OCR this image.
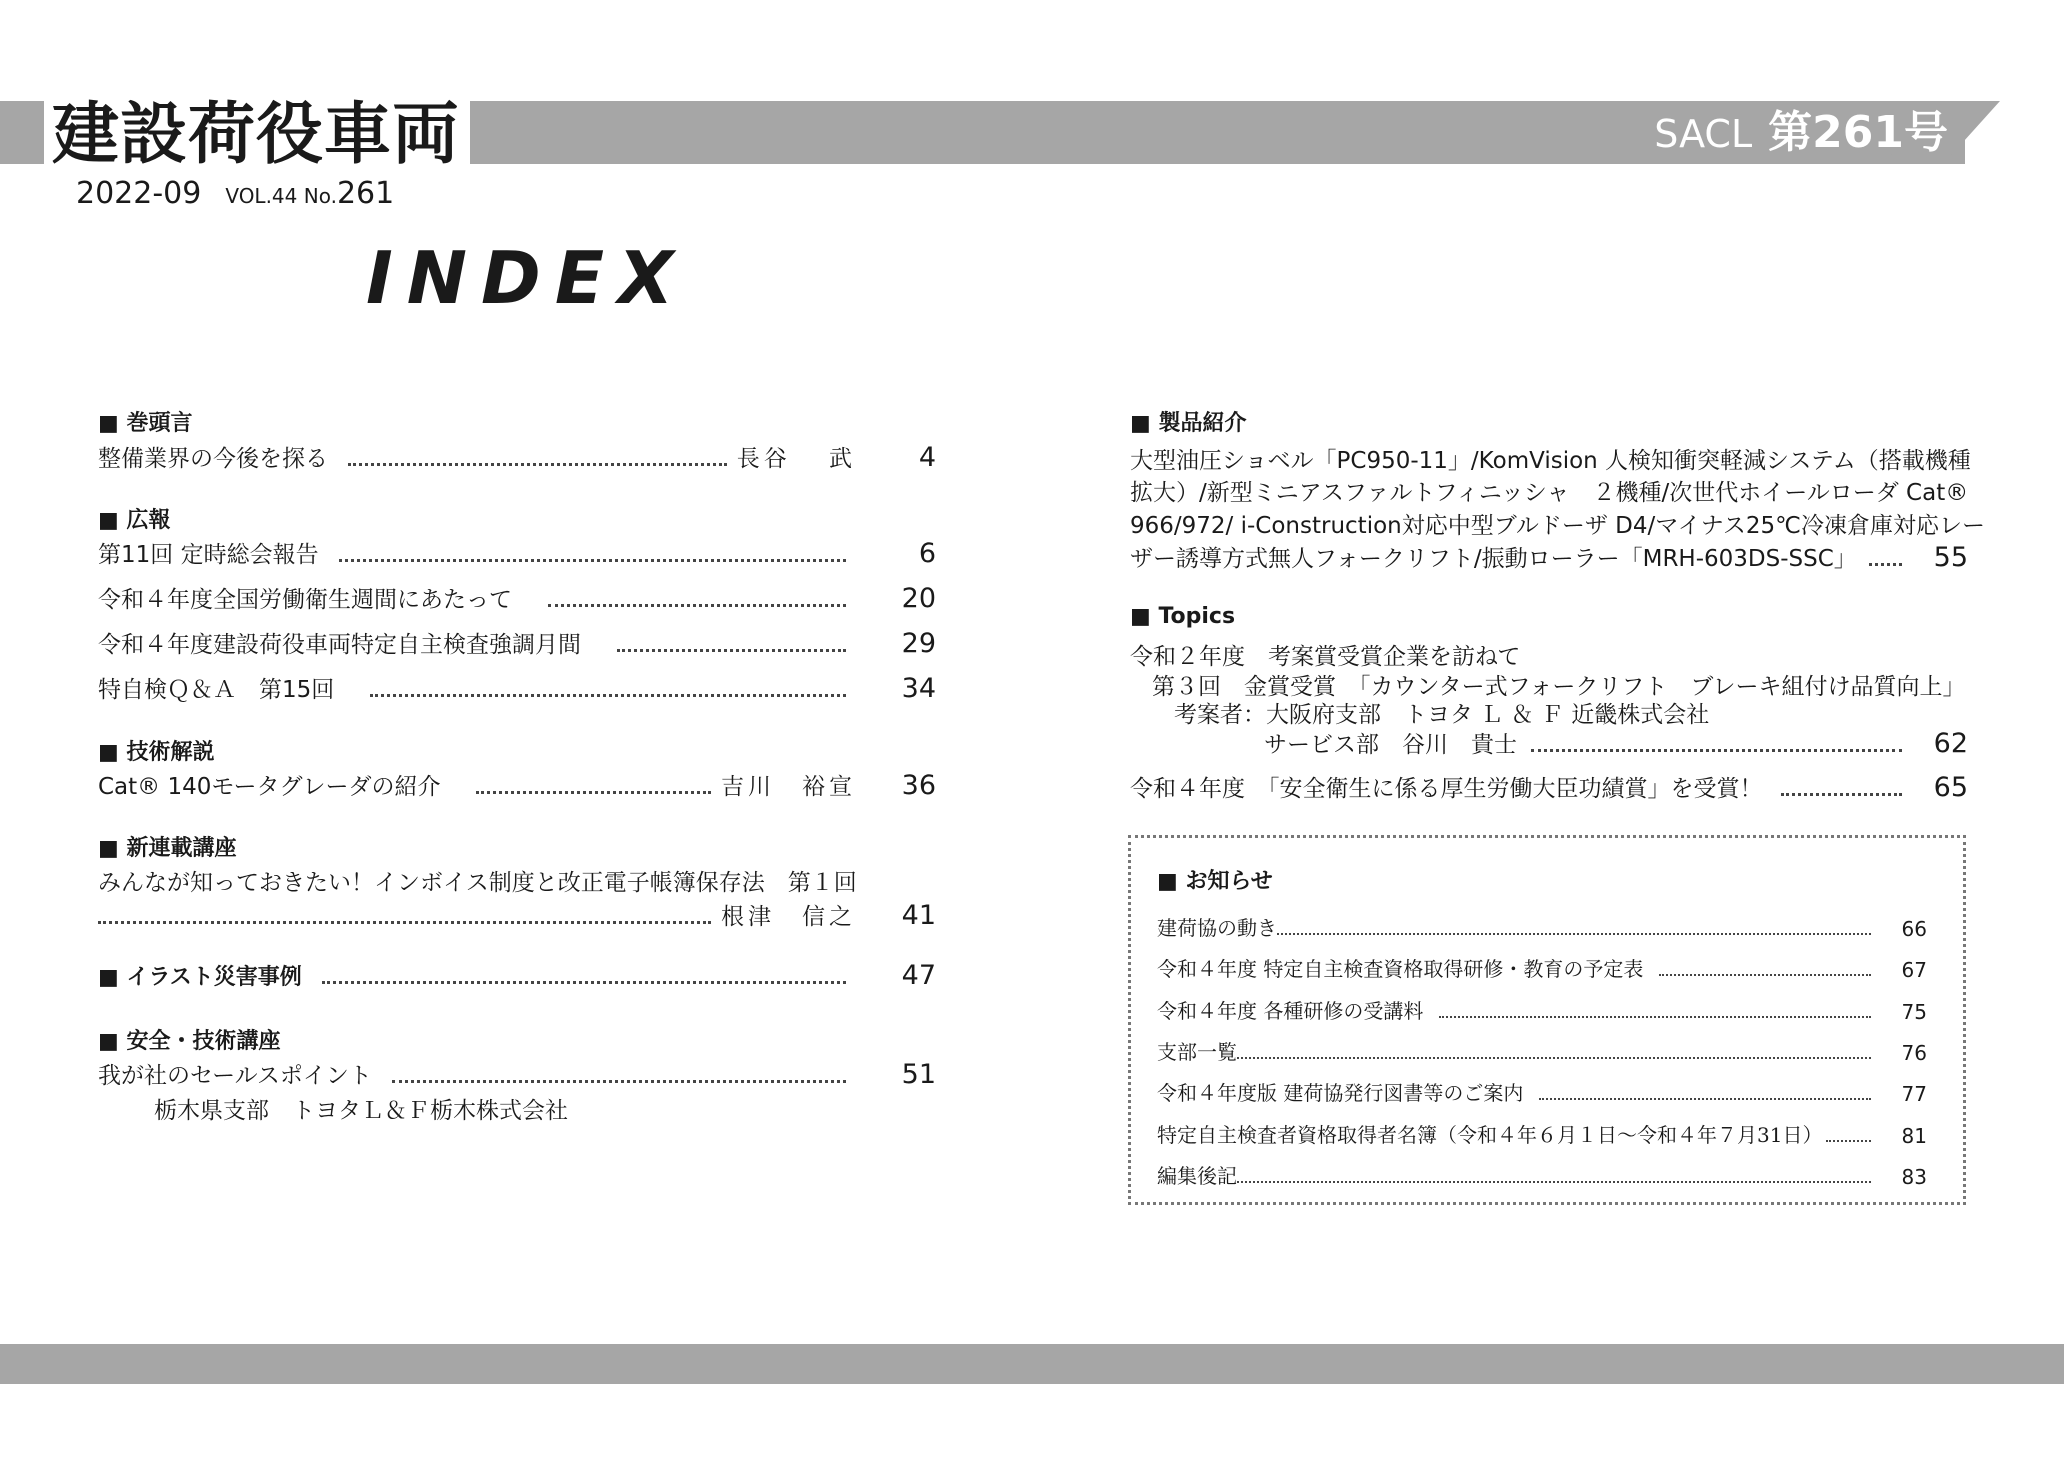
建設荷役車両	SACL 第261号
2022-09 VOL.44 No.261
INDEX
■ 巻頭言
整備業界の今後を探る	長谷　 武	4
■ 広報
第11回 定時総会報告	6
令和４年度全国労働衛生週間にあたって	20
令和４年度建設荷役車両特定自主検査強調月間	29
特自検Ｑ＆Ａ　第15回	34
■ 技術解説
Cat® 140モータグレーダの紹介	吉川　裕宣	36
■ 新連載講座
みんなが知っておきたい！インボイス制度と改正電子帳簿保存法　第１回
根津　信之	41
■ イラスト災害事例	47
■ 安全・技術講座
我が社のセールスポイント	51
栃木県支部　トヨタＬ＆Ｆ栃木株式会社
■ 製品紹介
大型油圧ショベル「PC950-11」/KomVision 人検知衝突軽減システム（搭載機種
拡大）/新型ミニアスファルトフィニッシャ　２機種/次世代ホイールローダ Cat®
966/972/ i-Construction対応中型ブルドーザ D4/マイナス25℃冷凍倉庫対応レー
ザー誘導方式無人フォークリフト/振動ローラー「MRH-603DS-SSC」	55
■ Topics
令和２年度　考案賞受賞企業を訪ねて
第３回　金賞受賞　「カウンター式フォークリフト　ブレーキ組付け品質向上」
考案者：大阪府支部　トヨタ Ｌ ＆ Ｆ 近畿株式会社
サービス部　谷川　貴士	62
令和４年度　「安全衛生に係る厚生労働大臣功績賞」を受賞！	65
■ お知らせ
建荷協の動き	66
令和４年度 特定自主検査資格取得研修・教育の予定表	67
令和４年度 各種研修の受講料	75
支部一覧	76
令和４年度版 建荷協発行図書等のご案内	77
特定自主検査者資格取得者名簿（令和４年６月１日～令和４年７月31日）	81
編集後記	83
